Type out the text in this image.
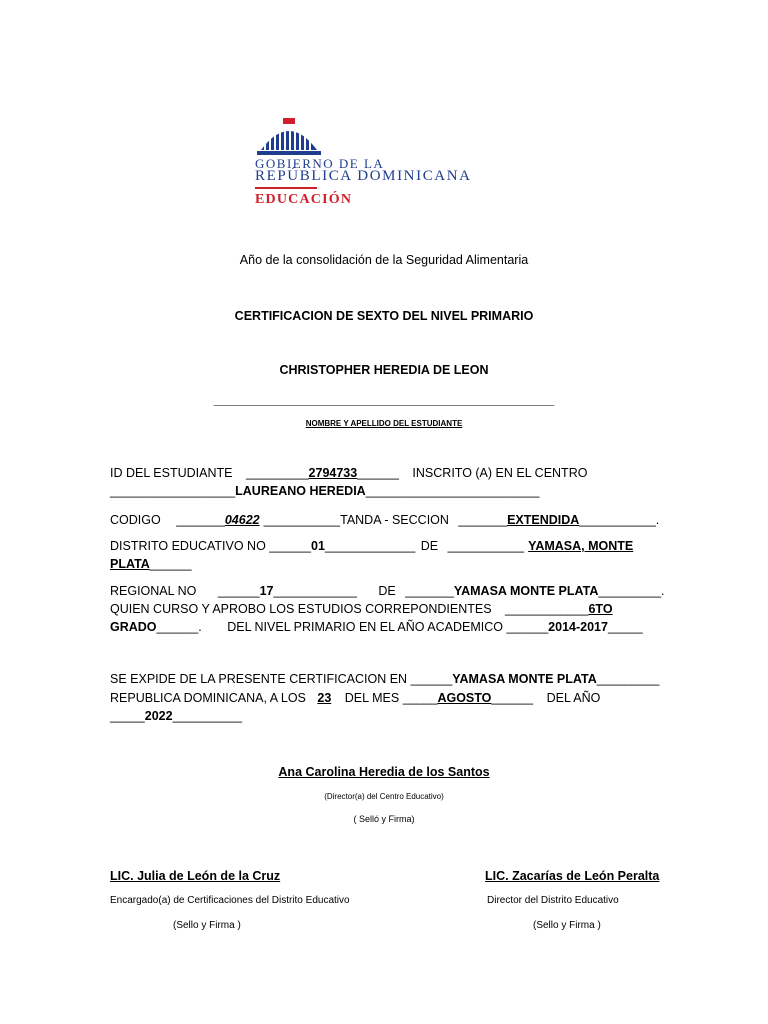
GOBIERNO DE LA
REPÚBLICA DOMINICANA
EDUCACIÓN
Año de la consolidación de la Seguridad Alimentaria
CERTIFICACION DE SEXTO DEL NIVEL PRIMARIO
CHRISTOPHER HEREDIA DE LEON
_________________________________________________
NOMBRE Y APELLIDO DEL ESTUDIANTE
ID DEL ESTUDIANTE _________2794733______ INSCRITO (A) EN EL CENTRO
__________________LAUREANO HEREDIA_________________________
CODIGO _______04622 ___________TANDA - SECCION _______EXTENDIDA___________.
DISTRITO EDUCATIVO NO ______01_____________ DE ___________ YAMASA, MONTE
PLATA______
REGIONAL NO ______17____________ DE _______YAMASA MONTE PLATA_________.
QUIEN CURSO Y APROBO LOS ESTUDIOS CORREPONDIENTES ____________6TO
GRADO______. DEL NIVEL PRIMARIO EN EL AÑO ACADEMICO ______2014-2017_____
SE EXPIDE DE LA PRESENTE CERTIFICACION EN ______YAMASA MONTE PLATA_________
REPUBLICA DOMINICANA, A LOS 23 DEL MES _____AGOSTO______ DEL AÑO
_____2022__________
Ana Carolina Heredia de los Santos
(Director(a) del Centro Educativo)
( Selló y Firma)
LIC. Julia de León de la Cruz
Encargado(a) de Certificaciones del Distrito Educativo
(Sello y Firma )
LIC. Zacarías de León Peralta
Director del Distrito Educativo
(Sello y Firma )
